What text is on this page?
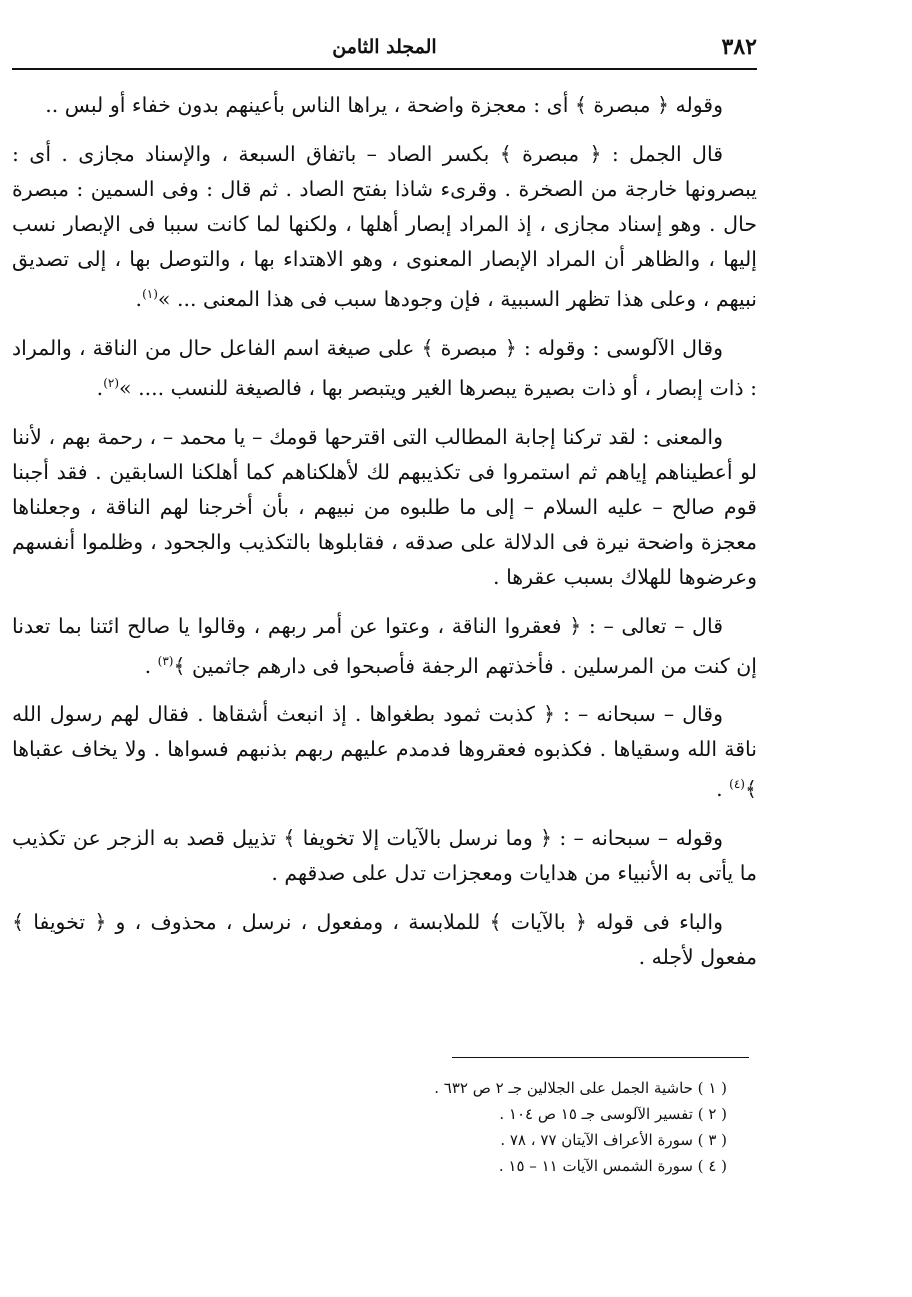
٣٨٢
المجلد الثامن

وقوله ﴿ مبصرة ﴾ أى : معجزة واضحة ، يراها الناس بأعينهم بدون خفاء أو لبس ..

قال الجمل : ﴿ مبصرة ﴾ بكسر الصاد – باتفاق السبعة ، والإسناد مجازى . أى : يبصرونها خارجة من الصخرة . وقرىء شاذا بفتح الصاد . ثم قال : وفى السمين : مبصرة حال . وهو إسناد مجازى ، إذ المراد إبصار أهلها ، ولكنها لما كانت سببا فى الإبصار نسب إليها ، والظاهر أن المراد الإبصار المعنوى ، وهو الاهتداء بها ، والتوصل بها ، إلى تصديق نبيهم ، وعلى هذا تظهر السببية ، فإن وجودها سبب فى هذا المعنى ... »$^{(١)}$.

وقال الآلوسى : وقوله : ﴿ مبصرة ﴾ على صيغة اسم الفاعل حال من الناقة ، والمراد : ذات إبصار ، أو ذات بصيرة يبصرها الغير ويتبصر بها ، فالصيغة للنسب .... »$^{(٢)}$.

والمعنى : لقد تركنا إجابة المطالب التى اقترحها قومك – يا محمد – ، رحمة بهم ، لأننا لو أعطيناهم إياهم ثم استمروا فى تكذيبهم لك لأهلكناهم كما أهلكنا السابقين . فقد أجبنا قوم صالح – عليه السلام – إلى ما طلبوه من نبيهم ، بأن أخرجنا لهم الناقة ، وجعلناها معجزة واضحة نيرة فى الدلالة على صدقه ، فقابلوها بالتكذيب والجحود ، وظلموا أنفسهم وعرضوها للهلاك بسبب عقرها .

قال – تعالى – : ﴿ فعقروا الناقة ، وعتوا عن أمر ربهم ، وقالوا يا صالح ائتنا بما تعدنا إن كنت من المرسلين . فأخذتهم الرجفة فأصبحوا فى دارهم جاثمين ﴾$^{(٣)}$ .

وقال – سبحانه – : ﴿ كذبت ثمود بطغواها . إذ انبعث أشقاها . فقال لهم رسول الله ناقة الله وسقياها . فكذبوه فعقروها فدمدم عليهم ربهم بذنبهم فسواها . ولا يخاف عقباها ﴾$^{(٤)}$ .

وقوله – سبحانه – : ﴿ وما نرسل بالآيات إلا تخويفا ﴾ تذييل قصد به الزجر عن تكذيب ما يأتى به الأنبياء من هدايات ومعجزات تدل على صدقهم .

والباء فى قوله ﴿ بالآيات ﴾ للملابسة ، ومفعول ، نرسل ، محذوف ، و ﴿ تخويفا ﴾ مفعول لأجله .

( ١ ) حاشية الجمل على الجلالين جـ ٢ ص ٦٣٢ .

( ٢ ) تفسير الآلوسى جـ ١٥ ص ١٠٤ .

( ٣ ) سورة الأعراف الآيتان ٧٧ ، ٧٨ .

( ٤ ) سورة الشمس الآيات ١١ – ١٥ .
